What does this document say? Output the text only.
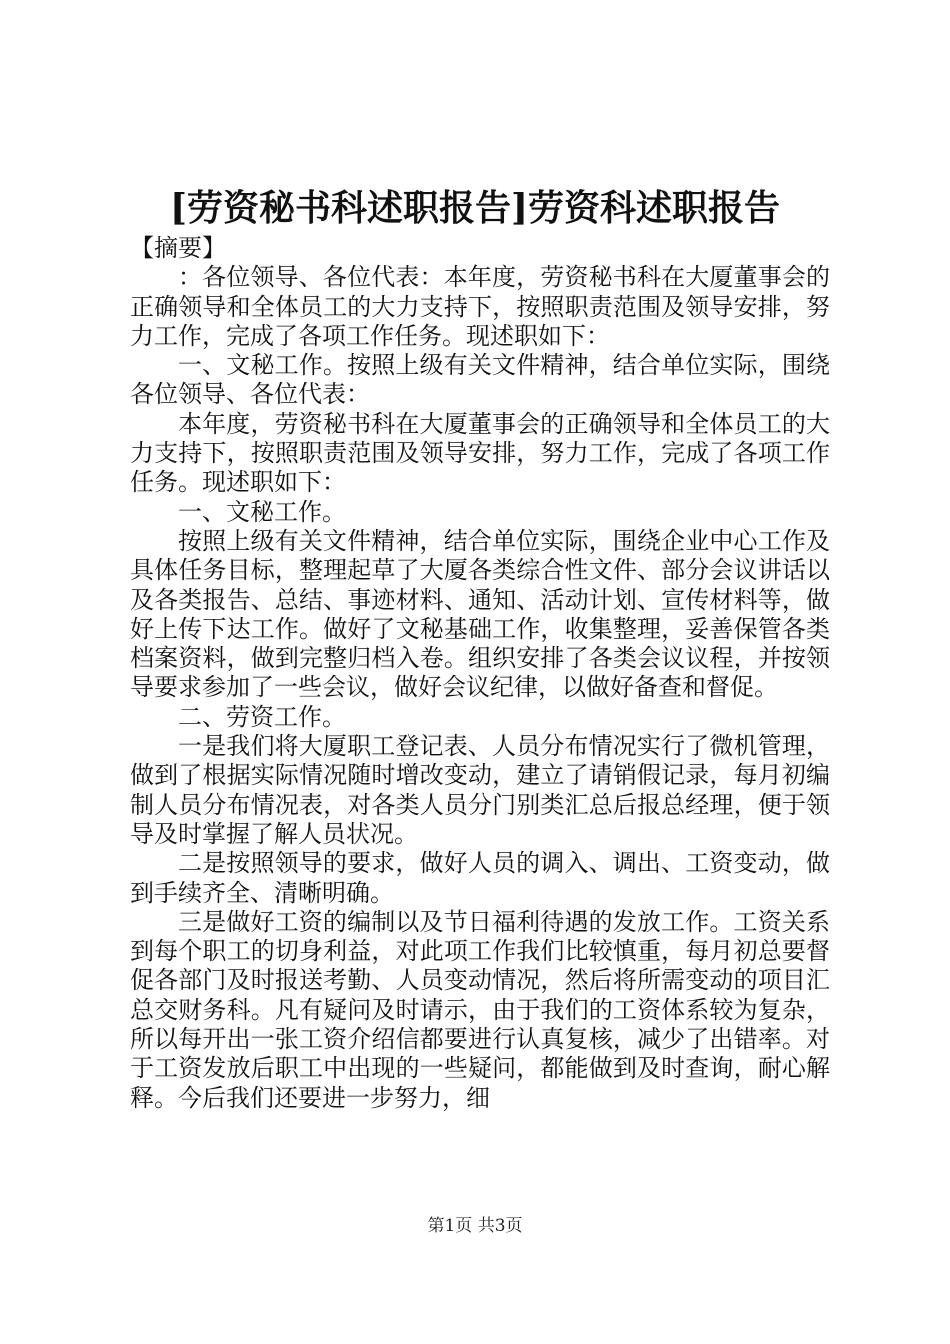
[劳资秘书科述职报告]劳资科述职报告

【摘要】

：各位领导、各位代表：本年度，劳资秘书科在大厦董事会的正确领导和全体员工的大力支持下，按照职责范围及领导安排，努力工作，完成了各项工作任务。现述职如下：

一、文秘工作。按照上级有关文件精神，结合单位实际，围绕各位领导、各位代表：

本年度，劳资秘书科在大厦董事会的正确领导和全体员工的大力支持下，按照职责范围及领导安排，努力工作，完成了各项工作任务。现述职如下：

一、文秘工作。

按照上级有关文件精神，结合单位实际，围绕企业中心工作及具体任务目标，整理起草了大厦各类综合性文件、部分会议讲话以及各类报告、总结、事迹材料、通知、活动计划、宣传材料等，做好上传下达工作。做好了文秘基础工作，收集整理，妥善保管各类档案资料，做到完整归档入卷。组织安排了各类会议议程，并按领导要求参加了一些会议，做好会议纪律，以做好备查和督促。

二、劳资工作。

一是我们将大厦职工登记表、人员分布情况实行了微机管理，做到了根据实际情况随时增改变动，建立了请销假记录，每月初编制人员分布情况表，对各类人员分门别类汇总后报总经理，便于领导及时掌握了解人员状况。

二是按照领导的要求，做好人员的调入、调出、工资变动，做到手续齐全、清晰明确。

三是做好工资的编制以及节日福利待遇的发放工作。工资关系到每个职工的切身利益，对此项工作我们比较慎重，每月初总要督促各部门及时报送考勤、人员变动情况，然后将所需变动的项目汇总交财务科。凡有疑问及时请示，由于我们的工资体系较为复杂，所以每开出一张工资介绍信都要进行认真复核，减少了出错率。对于工资发放后职工中出现的一些疑问，都能做到及时查询，耐心解释。今后我们还要进一步努力，细

第1页 共3页
